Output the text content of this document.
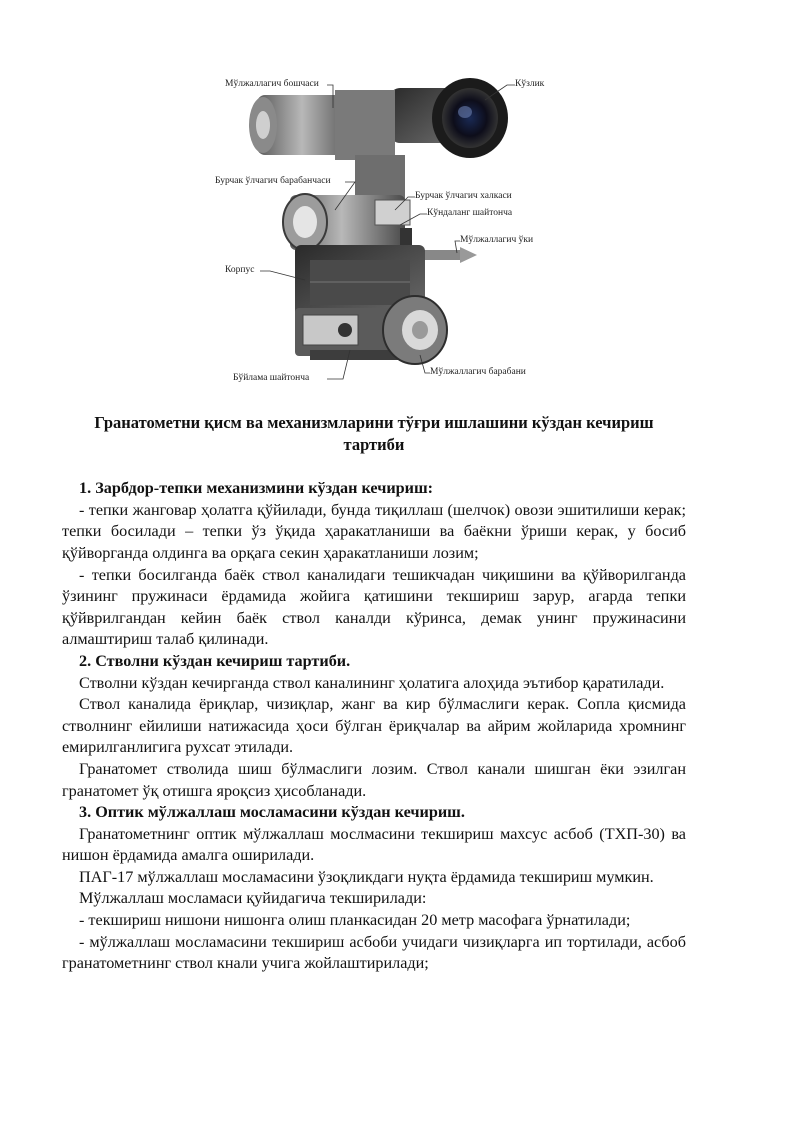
Мўлжаллагич бошчаси	Кўзлик
Бурчак ўлчагич барабанчаси
Бурчак ўлчагич халкаси
Кўндаланг шайтонча
Мўлжаллагич ўки
Корпус
Бўйлама шайтонча
Мўлжаллагич барабани
Гранатометни қисм ва механизмларини тўғри ишлашини кўздан кечириш тартиби
1. Зарбдор-тепки механизмини кўздан кечириш:
- тепки жанговар ҳолатга қўйилади, бунда тиқиллаш (шелчок) овози эшитилиши керак; тепки босилади – тепки ўз ўқида ҳаракатланиши ва баёкни ўриши керак, у босиб қўйворганда олдинга ва орқага секин ҳаракатланиши лозим;
- тепки босилганда баёк ствол каналидаги тешикчадан чиқишини ва қўйворилганда ўзининг пружинаси ёрдамида жойига қатишини текшириш зарур, агарда тепки қўйврилгандан кейин баёк ствол каналди кўринса, демак унинг пружинасини алмаштириш талаб қилинади.
2. Стволни кўздан кечириш тартиби.
Стволни кўздан кечирганда ствол каналининг ҳолатига алоҳида эътибор қаратилади.
Ствол каналида ёриқлар, чизиқлар, жанг ва кир бўлмаслиги керак. Сопла қисмида стволнинг ейилиши натижасида ҳоси бўлган ёриқчалар ва айрим жойларида хромнинг емирилганлигига рухсат этилади.
Гранатомет стволида шиш бўлмаслиги лозим. Ствол канали шишган ёки эзилган гранатомет ўқ отишга яроқсиз ҳисобланади.
3. Оптик мўлжаллаш мосламасини кўздан кечириш.
Гранатометнинг оптик мўлжаллаш мослмасини текшириш махсус асбоб (ТХП-30) ва нишон ёрдамида амалга оширилади.
ПАГ-17 мўлжаллаш мосламасини ўзоқликдаги нуқта ёрдамида текшириш мумкин.
Мўлжаллаш мосламаси қуйидагича текширилади:
- текшириш нишони нишонга олиш планкасидан 20 метр масофага ўрнатилади;
- мўлжаллаш мосламасини текшириш асбоби учидаги чизиқларга ип тортилади, асбоб гранатометнинг ствол кнали учига жойлаштирилади;
